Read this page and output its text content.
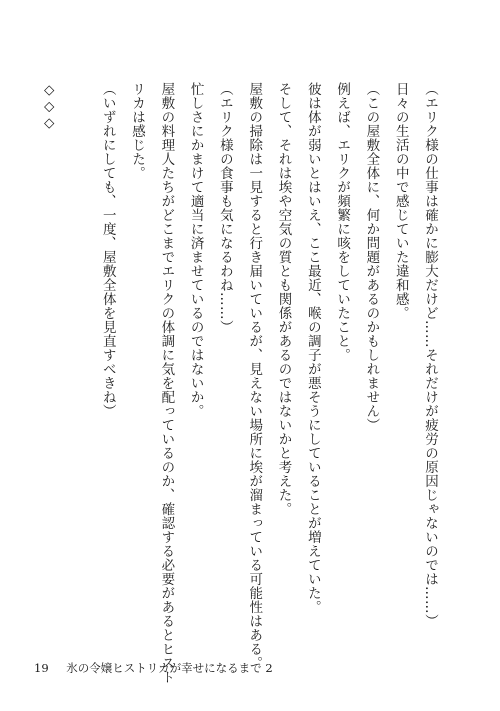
（エリク様の仕事は確かに膨大だけど……それだけが疲労の原因じゃないのでは……）
日々の生活の中で感じていた違和感。
（この屋敷全体に、何か問題があるのかもしれません）
例えば、エリクが頻繁に咳をしていたこと。
彼は体が弱いとはいえ、ここ最近、喉の調子が悪そうにしていることが増えていた。
そして、それは埃や空気の質とも関係があるのではないかと考えた。
屋敷の掃除は一見すると行き届いているが、見えない場所に埃が溜まっている可能性はある。
（エリク様の食事も気になるわね……）
忙しさにかまけて適当に済ませているのではないか。
屋敷の料理人たちがどこまでエリクの体調に気を配っているのか、確認する必要があるとヒスト
リカは感じた。
（いずれにしても、一度、屋敷全体を見直すべきね）
◇◇◇
19 氷の令嬢ヒストリカが幸せになるまで 2
